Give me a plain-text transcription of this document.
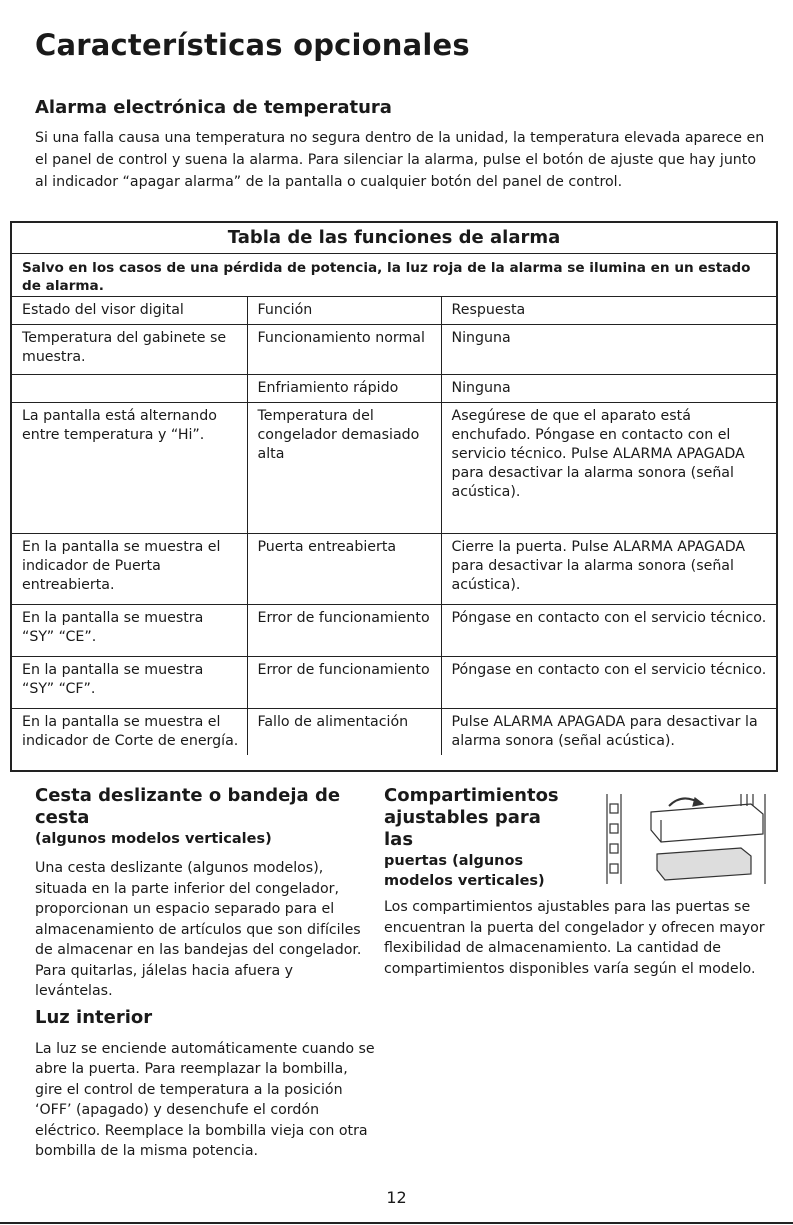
Características opcionales
Alarma electrónica de temperatura

Si una falla causa una temperatura no segura dentro de la unidad, la temperatura elevada aparece en el panel de control y suena la alarma. Para silenciar la alarma, pulse el botón de ajuste que hay junto al indicador “apagar alarma” de la pantalla o cualquier botón del panel de control.

Tabla de las funciones de alarma
Salvo en los casos de una pérdida de potencia, la luz roja de la alarma se ilumina en un estado de alarma.
Estado del visor digital	Función	Respuesta
Temperatura del gabinete se muestra.	Funcionamiento normal	Ninguna
	Enfriamiento rápido	Ninguna
La pantalla está alternando entre temperatura y “Hi”.	Temperatura del congelador demasiado alta	Asegúrese de que el aparato está enchufado. Póngase en contacto con el servicio técnico. Pulse ALARMA APAGADA para desactivar la alarma sonora (señal acústica).
En la pantalla se muestra el indicador de Puerta entreabierta.	Puerta entreabierta	Cierre la puerta. Pulse ALARMA APAGADA para desactivar la alarma sonora (señal acústica).
En la pantalla se muestra “SY” “CE”.	Error de funcionamiento	Póngase en contacto con el servicio técnico.
En la pantalla se muestra “SY” “CF”.	Error de funcionamiento	Póngase en contacto con el servicio técnico.
En la pantalla se muestra el indicador de Corte de energía.	Fallo de alimentación	Pulse ALARMA APAGADA para desactivar la alarma sonora (señal acústica).
Cesta deslizante o bandeja de cesta
(algunos modelos verticales)

Una cesta deslizante (algunos modelos), situada en la parte inferior del congelador, proporcionan un espacio separado para el almacenamiento de artículos que son difíciles de almacenar en las bandejas del congelador. Para quitarlas, jálelas hacia afuera y levántelas.

Luz interior

La luz se enciende automáticamente cuando se abre la puerta. Para reemplazar la bombilla, gire el control de temperatura a la posición ‘OFF’ (apagado) y desenchufe el cordón eléctrico. Reemplace la bombilla vieja con otra bombilla de la misma potencia.

Compartimientos ajustables para las
puertas (algunos modelos verticales)

Los compartimientos ajustables para las puertas se encuentran la puerta del congelador y ofrecen mayor flexibilidad de almacenamiento. La cantidad de compartimientos disponibles varía según el modelo.

12
